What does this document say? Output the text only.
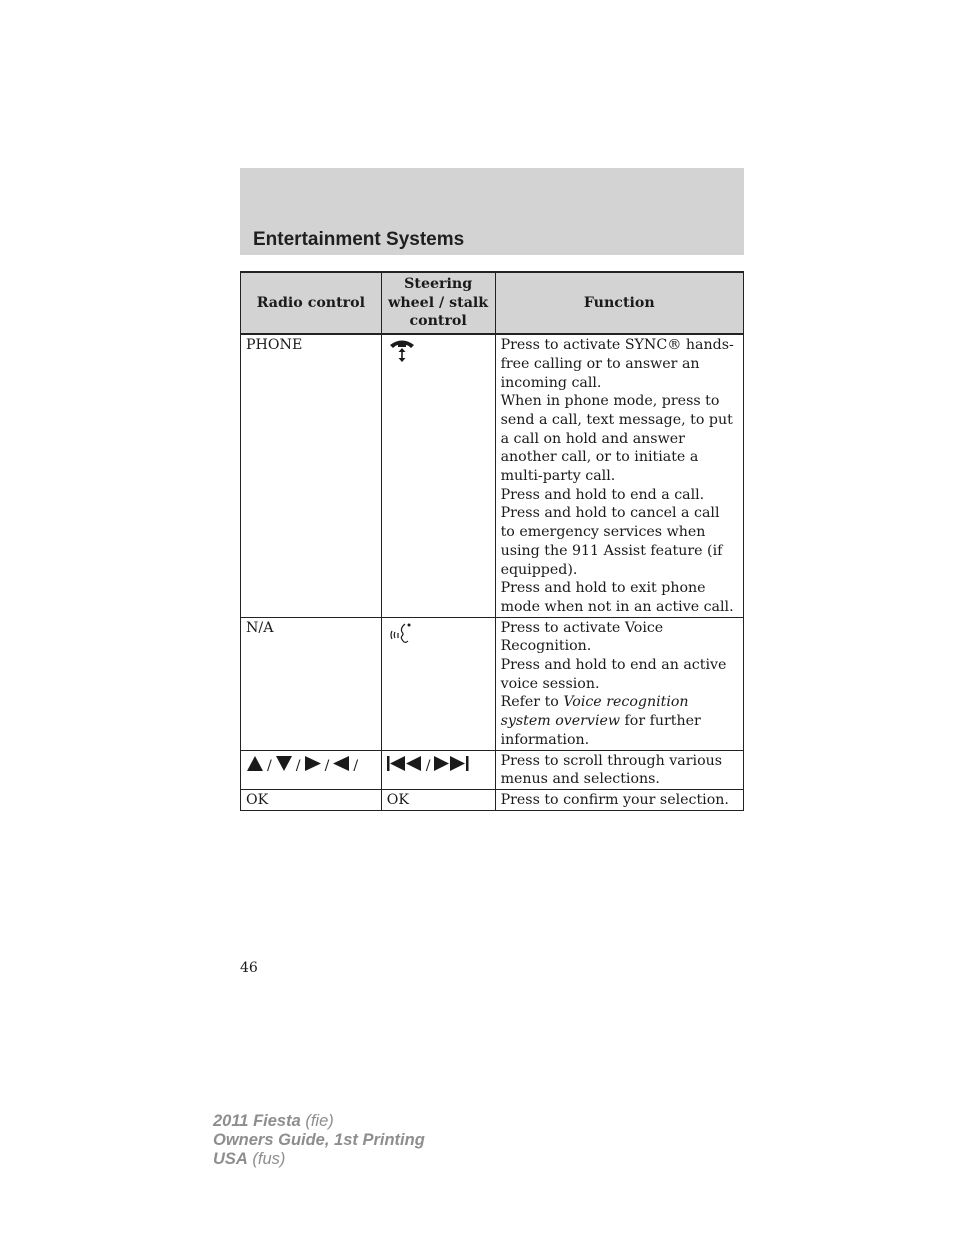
Entertainment Systems
Radio control	Steering wheel / stalk control	Function
PHONE		Press to activate SYNC® hands-free calling or to answer an incoming call.
When in phone mode, press to send a call, text message, to put a call on hold and answer another call, or to initiate a multi-party call.
Press and hold to end a call.
Press and hold to cancel a call to emergency services when using the 911 Assist feature (if equipped).
Press and hold to exit phone mode when not in an active call.

N/A		Press to activate Voice Recognition.
Press and hold to end an active voice session.
Refer to Voice recognition system overview for further information.

/ / / /	/	Press to scroll through various menus and selections.

OK	OK	Press to confirm your selection.
46
2011 Fiesta (fie)
Owners Guide, 1st Printing
USA (fus)
